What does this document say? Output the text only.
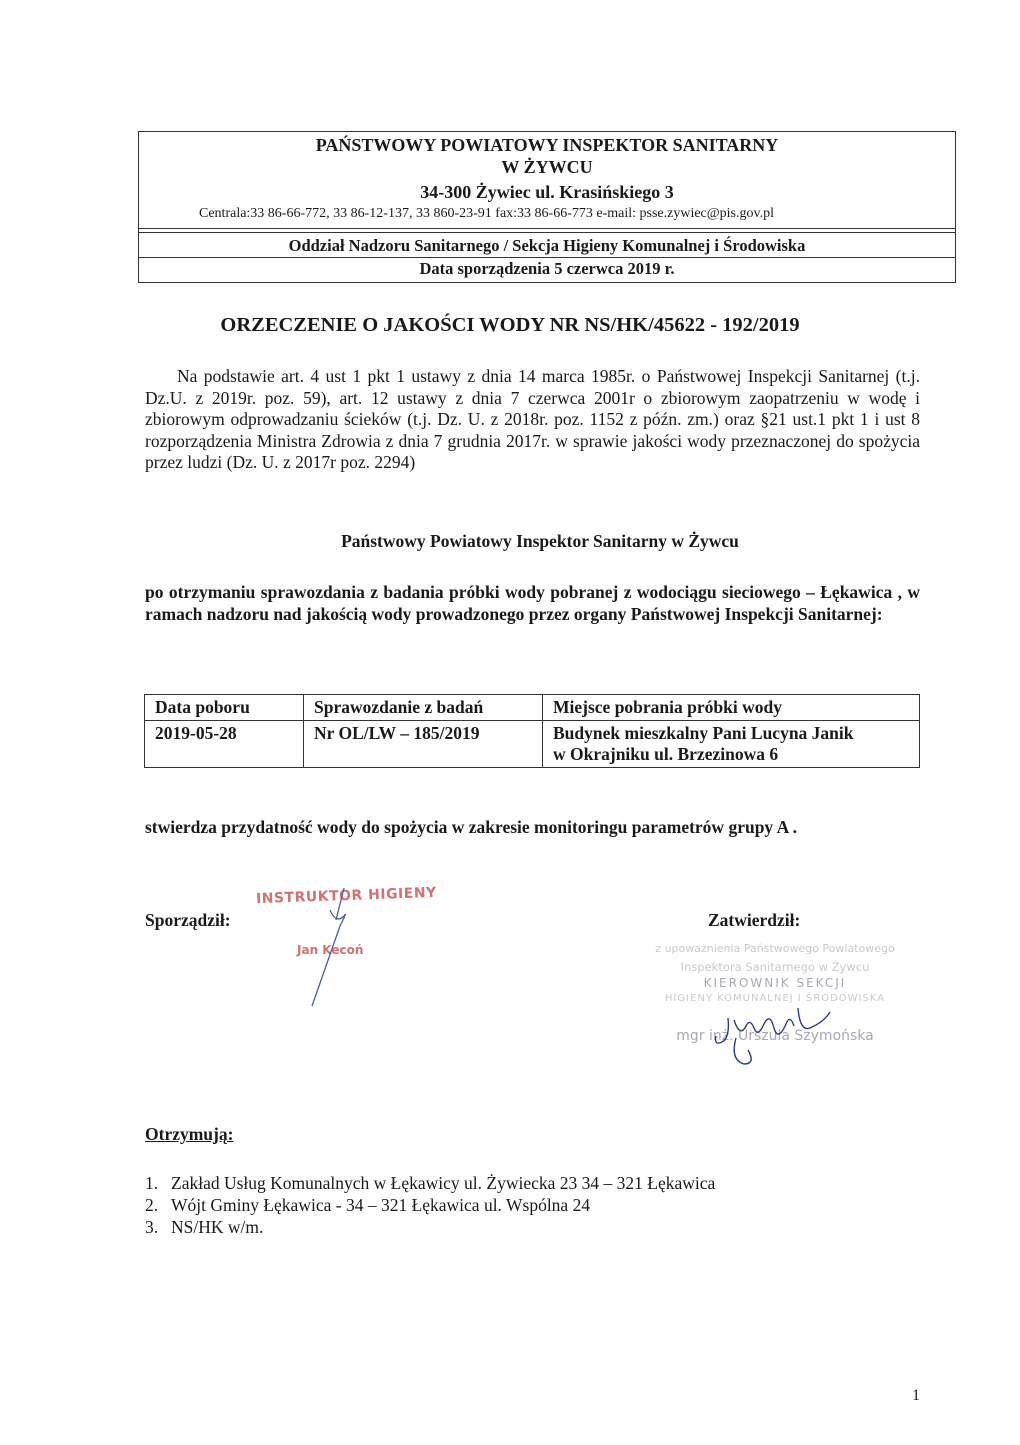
PAŃSTWOWY POWIATOWY INSPEKTOR SANITARNY
W ŻYWCU
34-300 Żywiec ul. Krasińskiego 3
Centrala:33 86-66-772, 33 86-12-137, 33 860-23-91 fax:33 86-66-773 e-mail: psse.zywiec@pis.gov.pl
Oddział Nadzoru Sanitarnego / Sekcja Higieny Komunalnej i Środowiska
Data sporządzenia 5 czerwca 2019 r.
ORZECZENIE O JAKOŚCI WODY NR NS/HK/45622 - 192/2019
Na podstawie art. 4 ust 1 pkt 1 ustawy z dnia 14 marca 1985r. o Państwowej Inspekcji Sanitarnej (t.j. Dz.U. z 2019r. poz. 59), art. 12 ustawy z dnia 7 czerwca 2001r o zbiorowym zaopatrzeniu w wodę i zbiorowym odprowadzaniu ścieków (t.j. Dz. U. z 2018r. poz. 1152 z późn. zm.) oraz §21 ust.1 pkt 1 i ust 8 rozporządzenia Ministra Zdrowia z dnia 7 grudnia 2017r. w sprawie jakości wody przeznaczonej do spożycia przez ludzi (Dz. U. z 2017r poz. 2294)
Państwowy Powiatowy Inspektor Sanitarny w Żywcu
po otrzymaniu sprawozdania z badania próbki wody pobranej z wodociągu sieciowego – Łękawica , w ramach nadzoru nad jakością wody prowadzonego przez organy Państwowej Inspekcji Sanitarnej:
Data poboru	Sprawozdanie z badań	Miejsce pobrania próbki wody
2019-05-28	Nr OL/LW – 185/2019	Budynek mieszkalny Pani Lucyna Janik
w Okrajniku ul. Brzezinowa 6
stwierdza przydatność wody do spożycia w zakresie monitoringu parametrów grupy A .
Sporządził:	Zatwierdził:
INSTRUKTOR HIGIENY
Jan Kecoń	z upoważnienia Państwowego Powiatowego
Inspektora Sanitarnego w Żywcu
KIEROWNIK SEKCJI
HIGIENY KOMUNALNEJ I ŚRODOWISKA
mgr inż. Urszula Szymońska
Otrzymują:
1. Zakład Usług Komunalnych w Łękawicy ul. Żywiecka 23 34 – 321 Łękawica
2. Wójt Gminy Łękawica - 34 – 321 Łękawica ul. Wspólna 24
3. NS/HK w/m.
1
